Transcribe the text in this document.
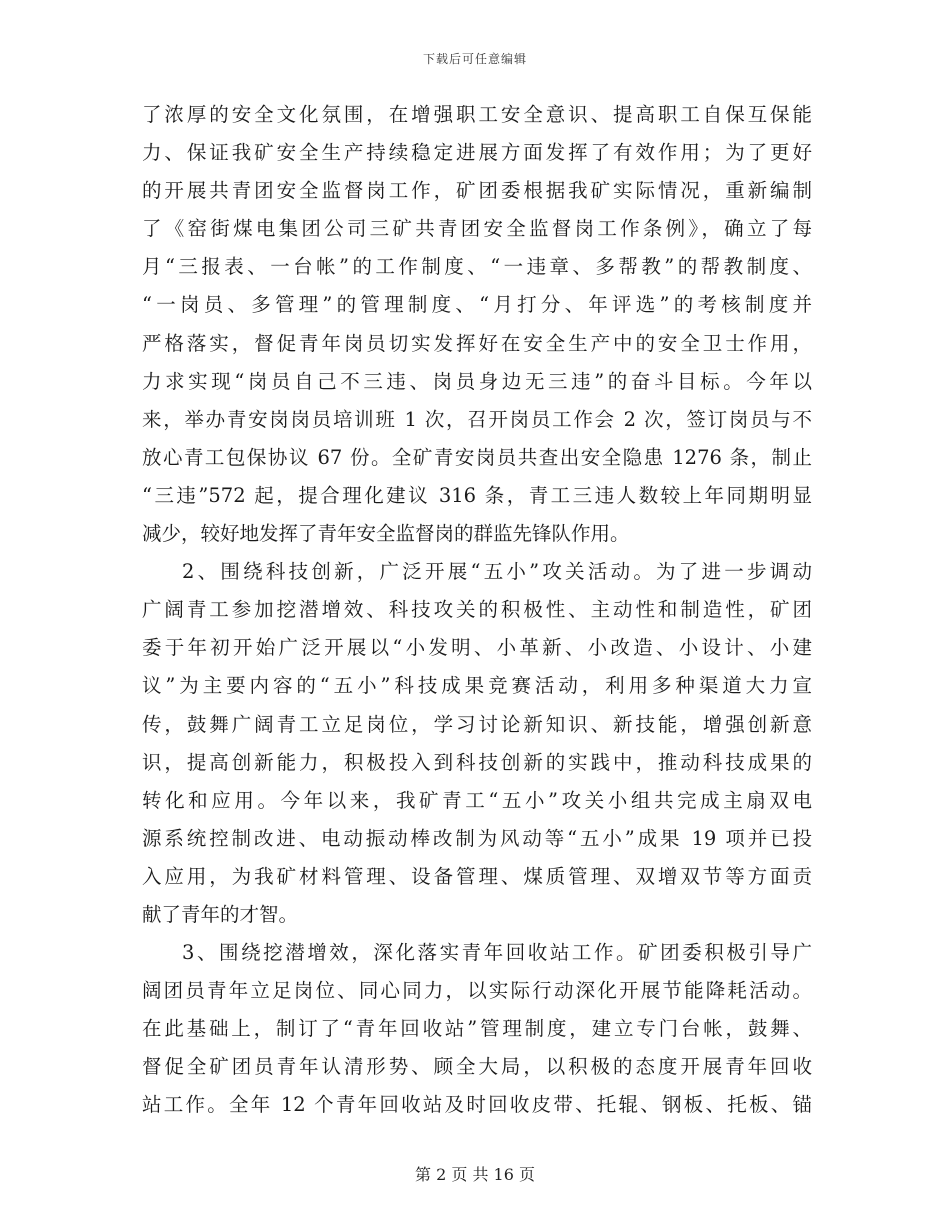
下载后可任意编辑
了浓厚的安全文化氛围，在增强职工安全意识、提高职工自保互保能
力、保证我矿安全生产持续稳定进展方面发挥了有效作用；为了更好
的开展共青团安全监督岗工作，矿团委根据我矿实际情况，重新编制
了《窑街煤电集团公司三矿共青团安全监督岗工作条例》，确立了每
月“三报表、一台帐”的工作制度、“一违章、多帮教”的帮教制度、
“一岗员、多管理”的管理制度、“月打分、年评选”的考核制度并
严格落实，督促青年岗员切实发挥好在安全生产中的安全卫士作用，
力求实现“岗员自己不三违、岗员身边无三违”的奋斗目标。今年以
来，举办青安岗岗员培训班 1 次，召开岗员工作会 2 次，签订岗员与不
放心青工包保协议 67 份。全矿青安岗员共查出安全隐患 1276 条，制止
“三违”572 起，提合理化建议 316 条，青工三违人数较上年同期明显
减少，较好地发挥了青年安全监督岗的群监先锋队作用。
2、围绕科技创新，广泛开展“五小”攻关活动。为了进一步调动
广阔青工参加挖潜增效、科技攻关的积极性、主动性和制造性，矿团
委于年初开始广泛开展以“小发明、小革新、小改造、小设计、小建
议”为主要内容的“五小”科技成果竞赛活动，利用多种渠道大力宣
传，鼓舞广阔青工立足岗位，学习讨论新知识、新技能，增强创新意
识，提高创新能力，积极投入到科技创新的实践中，推动科技成果的
转化和应用。今年以来，我矿青工“五小”攻关小组共完成主扇双电
源系统控制改进、电动振动棒改制为风动等“五小”成果 19 项并已投
入应用，为我矿材料管理、设备管理、煤质管理、双增双节等方面贡
献了青年的才智。
3、围绕挖潜增效，深化落实青年回收站工作。矿团委积极引导广
阔团员青年立足岗位、同心同力，以实际行动深化开展节能降耗活动。
在此基础上，制订了“青年回收站”管理制度，建立专门台帐，鼓舞、
督促全矿团员青年认清形势、顾全大局，以积极的态度开展青年回收
站工作。全年 12 个青年回收站及时回收皮带、托辊、钢板、托板、锚
第 2 页 共 16 页
